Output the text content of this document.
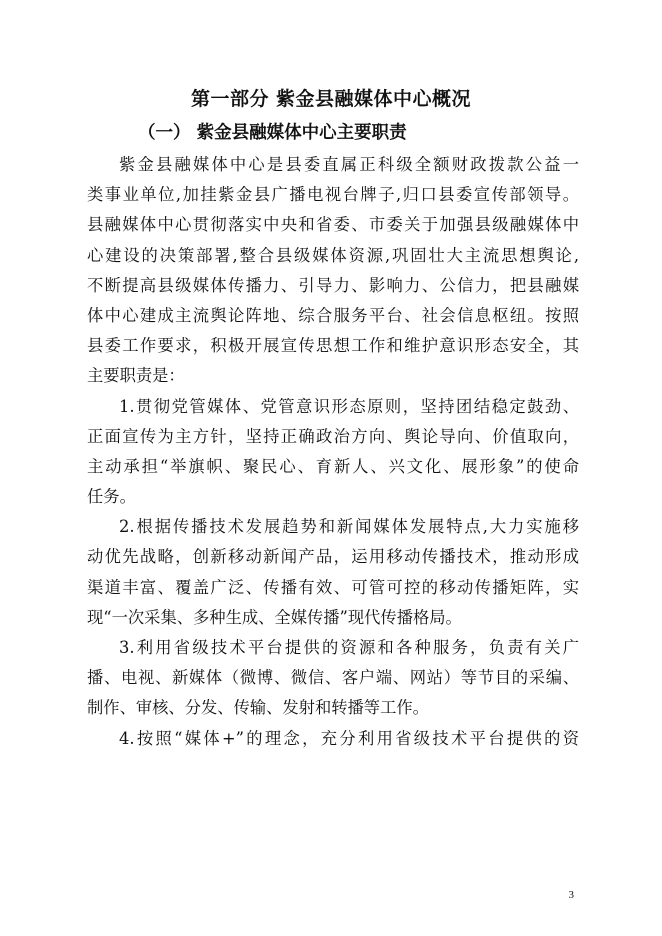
第一部分 紫金县融媒体中心概况
（一） 紫金县融媒体中心主要职责
紫金县融媒体中心是县委直属正科级全额财政拨款公益一
类事业单位,加挂紫金县广播电视台牌子,归口县委宣传部领导。
县融媒体中心贯彻落实中央和省委、市委关于加强县级融媒体中
心建设的决策部署,整合县级媒体资源,巩固壮大主流思想舆论,
不断提高县级媒体传播力、引导力、影响力、公信力，把县融媒
体中心建成主流舆论阵地、综合服务平台、社会信息枢纽。按照
县委工作要求，积极开展宣传思想工作和维护意识形态安全，其
主要职责是：
1.贯彻党管媒体、党管意识形态原则，坚持团结稳定鼓劲、
正面宣传为主方针，坚持正确政治方向、舆论导向、价值取向，
主动承担“举旗帜、聚民心、育新人、兴文化、展形象”的使命
任务。
2.根据传播技术发展趋势和新闻媒体发展特点,大力实施移
动优先战略，创新移动新闻产品，运用移动传播技术，推动形成
渠道丰富、覆盖广泛、传播有效、可管可控的移动传播矩阵，实
现“一次采集、多种生成、全媒传播”现代传播格局。
3.利用省级技术平台提供的资源和各种服务，负责有关广
播、电视、新媒体（微博、微信、客户端、网站）等节目的采编、
制作、审核、分发、传输、发射和转播等工作。
4.按照“媒体+”的理念，充分利用省级技术平台提供的资
3
